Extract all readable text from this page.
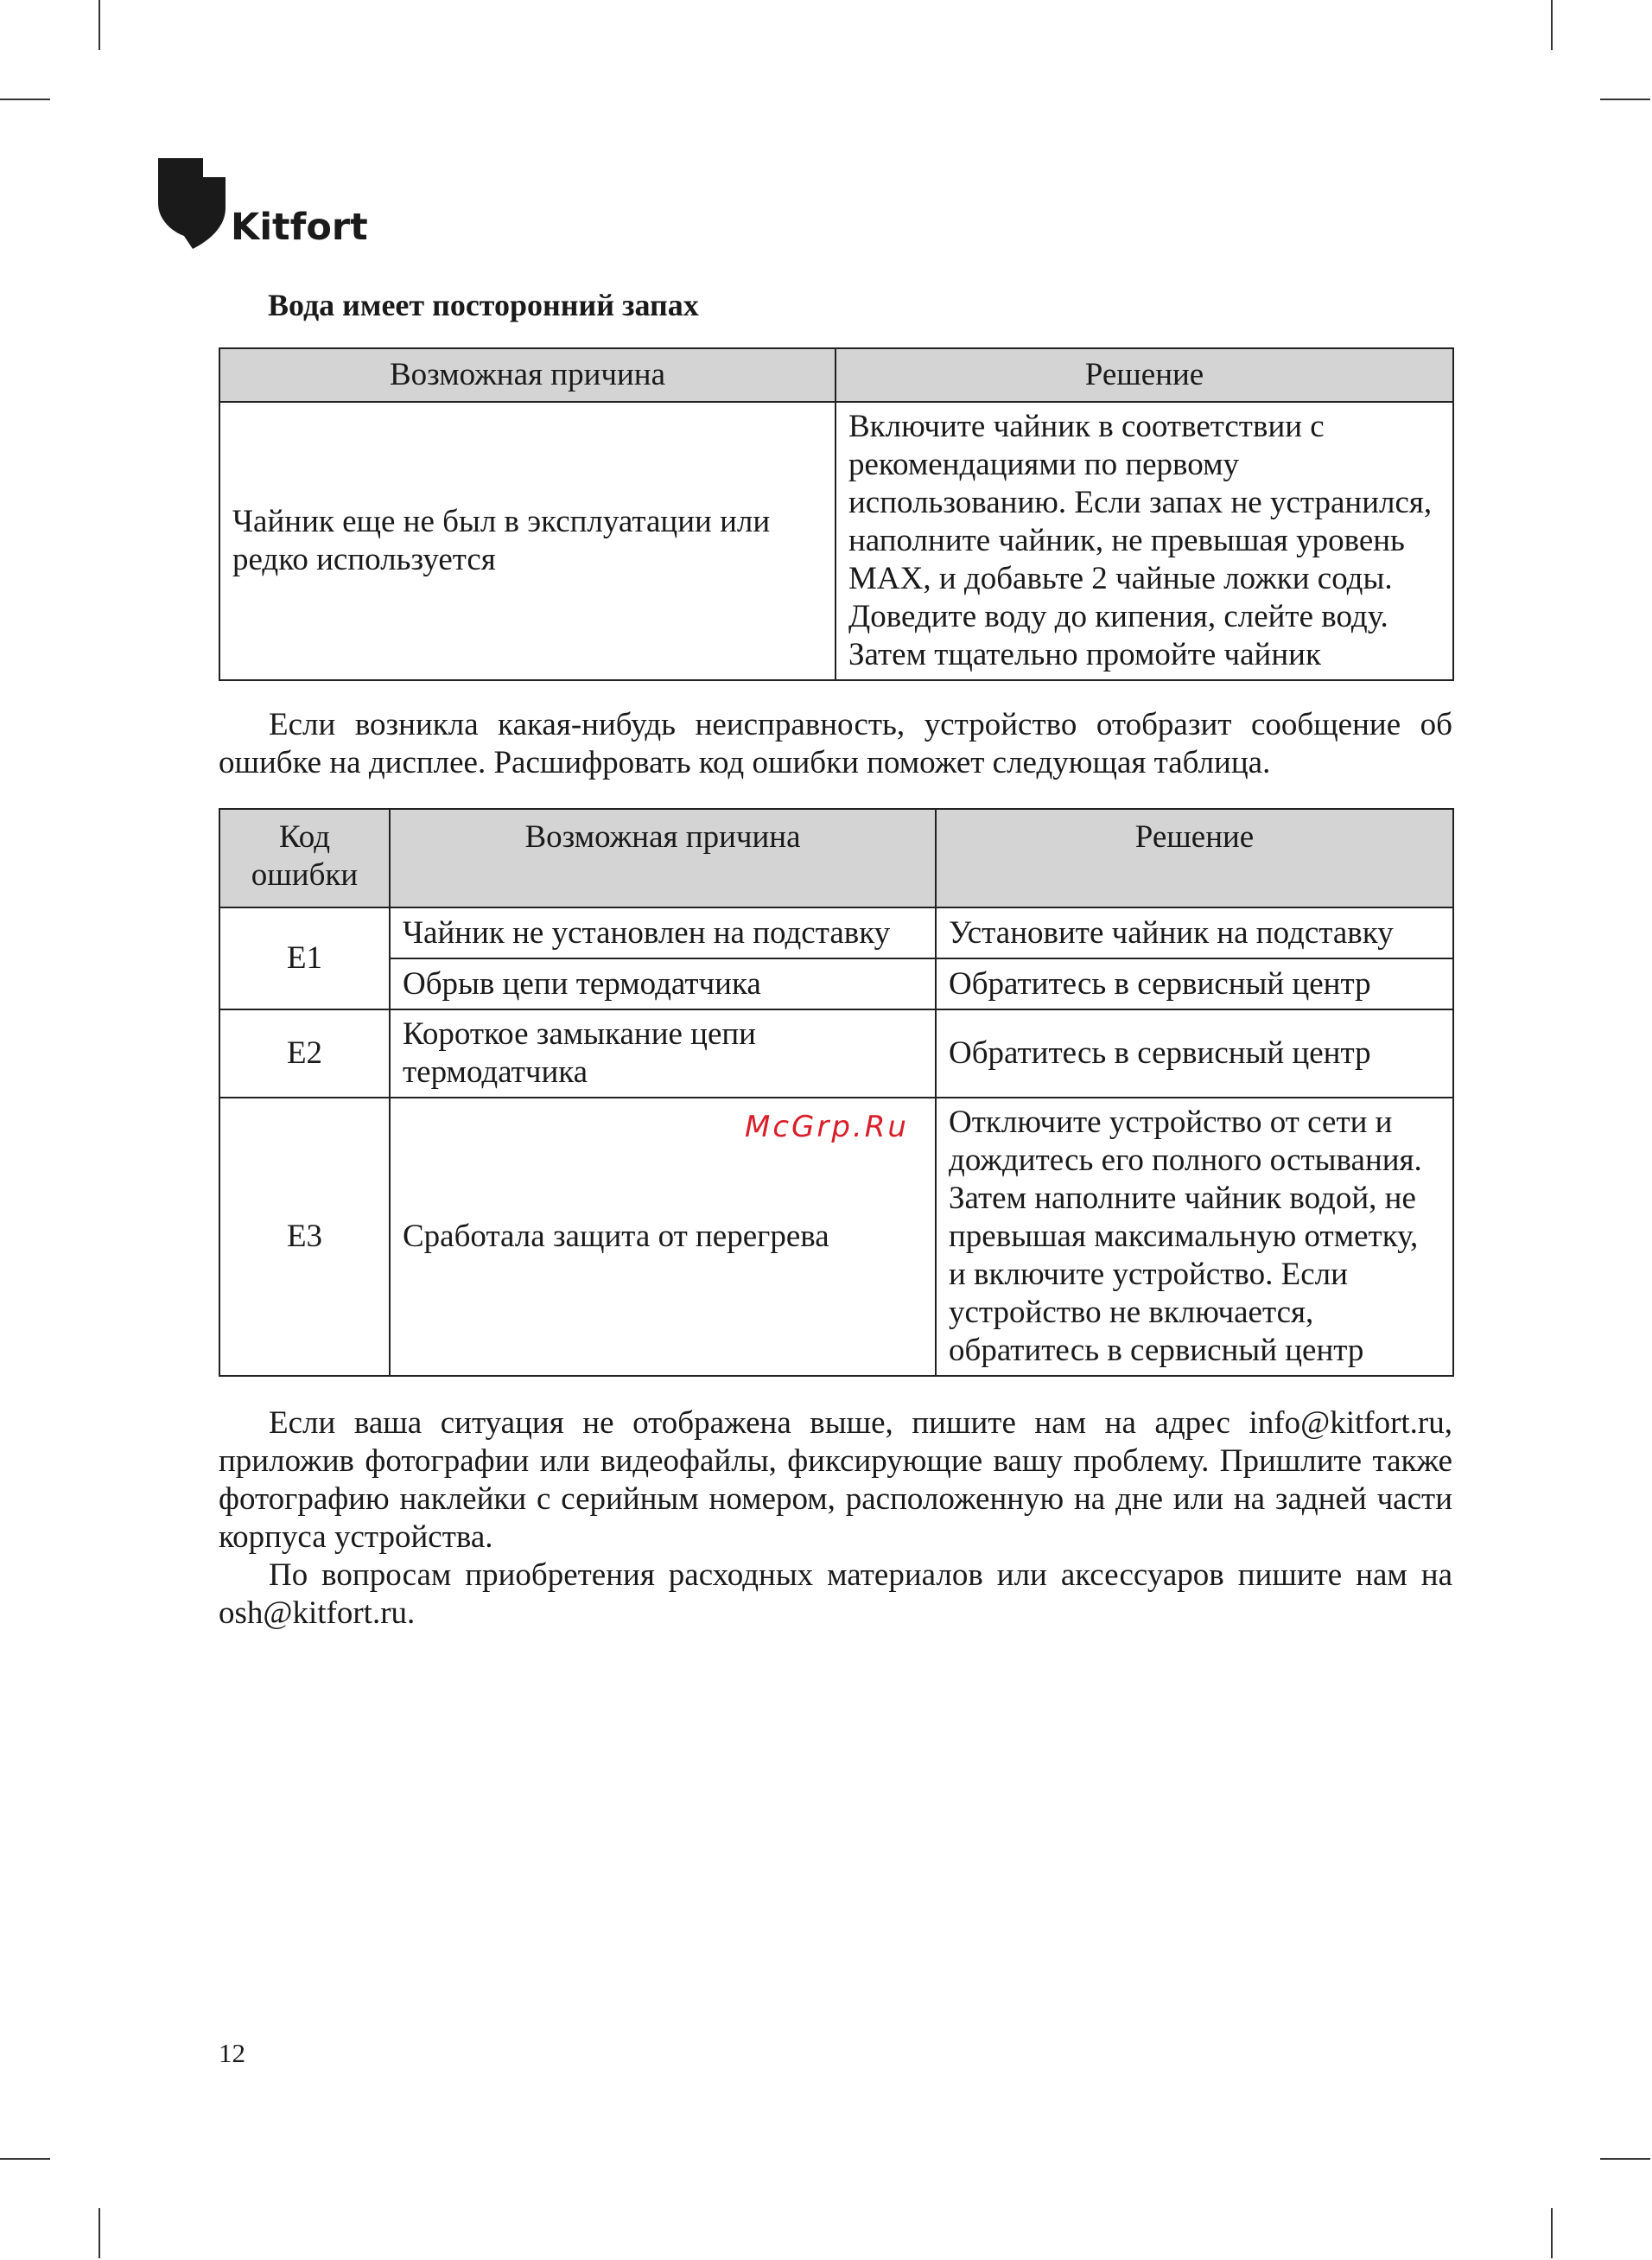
Kitfort
Вода имеет посторонний запах
Возможная причина	Решение
Чайник еще не был в эксплуатации или редко используется	Включите чайник в соответствии с рекомендациями по первому использованию. Если запах не устранился, наполните чайник, не превышая уровень MAX, и добавьте 2 чайные ложки соды. Доведите воду до кипения, слейте воду. Затем тщательно промойте чайник
Если возникла какая-нибудь неисправность, устройство отобразит сообщение об ошибке на дисплее. Расшифровать код ошибки поможет следующая таблица.
Код ошибки	Возможная причина	Решение
E1	Чайник не установлен на подставку	Установите чайник на подставку
	Обрыв цепи термодатчика	Обратитесь в сервисный центр
E2	Короткое замыкание цепи термодатчика	Обратитесь в сервисный центр
E3	Сработала защита от перегрева	Отключите устройство от сети и дождитесь его полного остывания. Затем наполните чайник водой, не превышая максимальную отметку, и включите устройство. Если устройство не включается, обратитесь в сервисный центр
McGrp.Ru

Если ваша ситуация не отображена выше, пишите нам на адрес info@kitfort.ru, приложив фотографии или видеофайлы, фиксирующие вашу проблему. Пришлите также фотографию наклейки с серийным номером, расположенную на дне или на задней части корпуса устройства.

По вопросам приобретения расходных материалов или аксессуаров пишите нам на osh@kitfort.ru.

12
